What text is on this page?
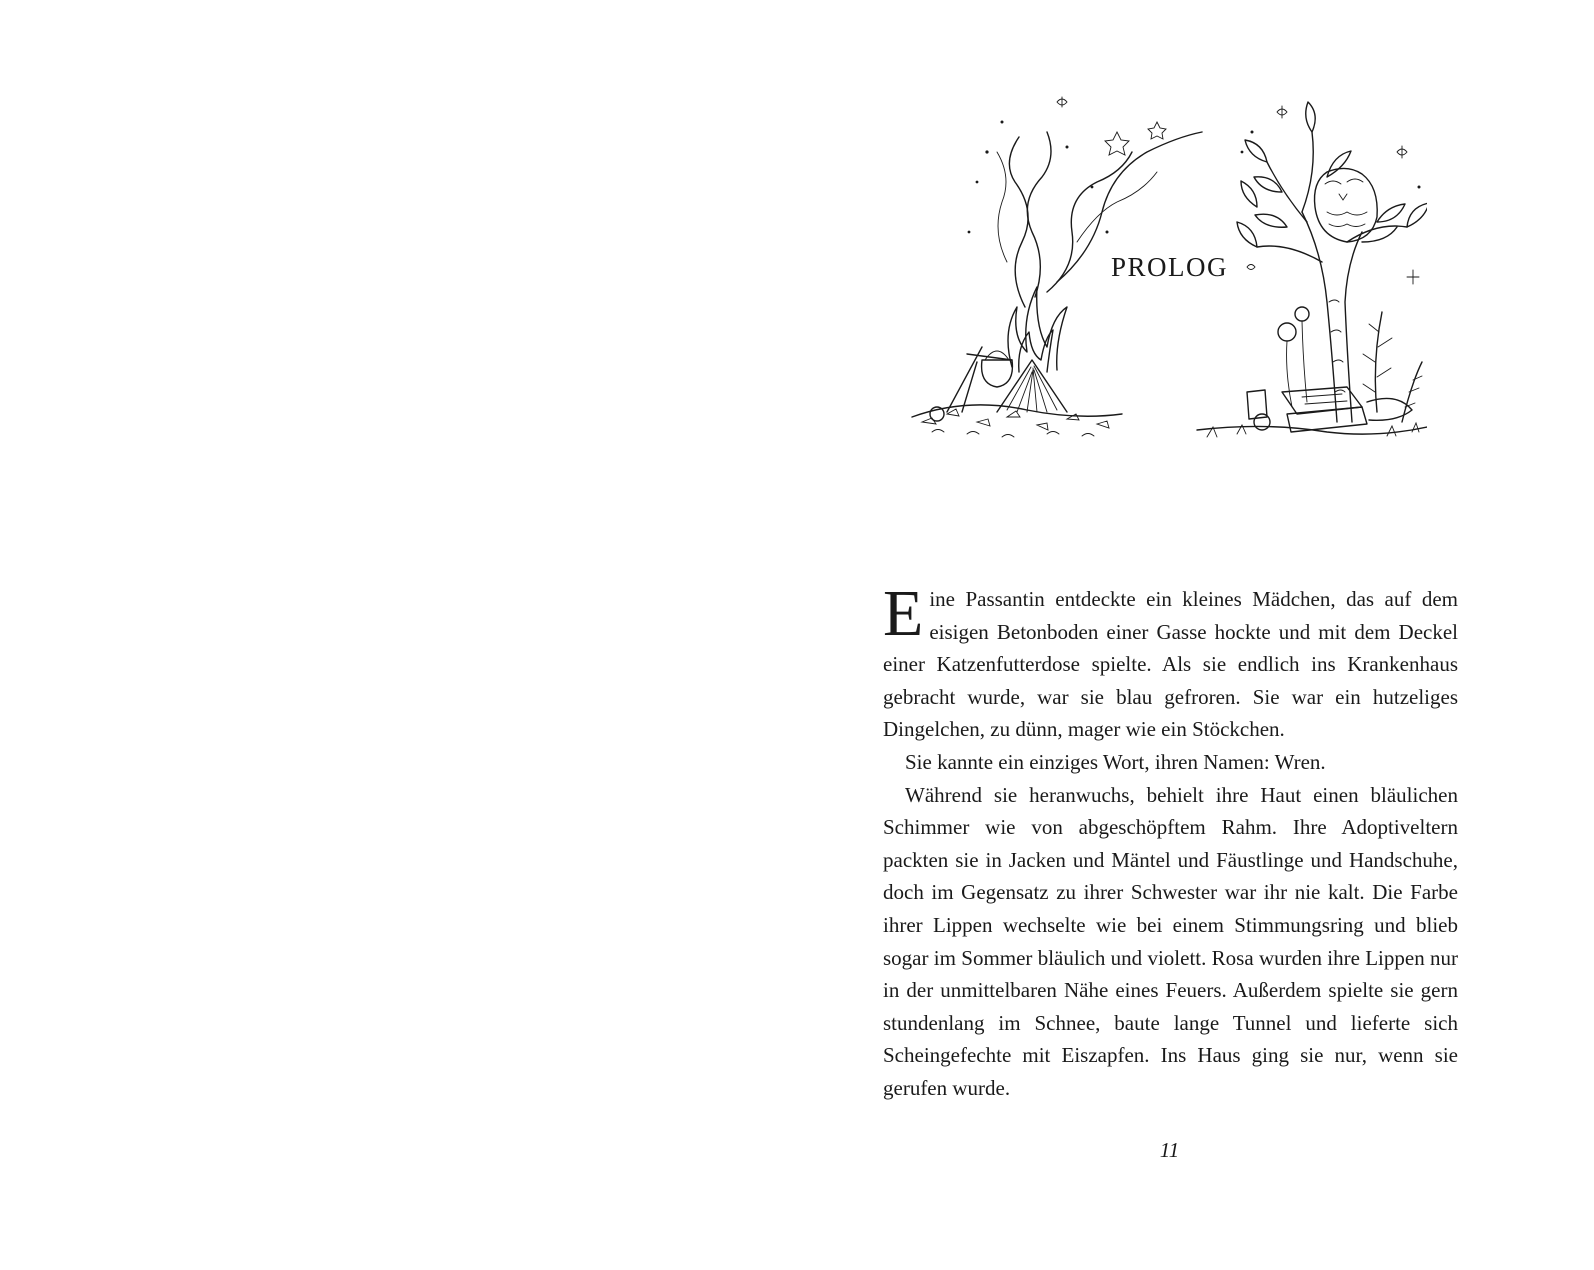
PROLOG

Eine Passantin entdeckte ein kleines Mädchen, das auf dem eisigen Betonboden einer Gasse hockte und mit dem Deckel einer Katzenfutterdose spielte. Als sie endlich ins Krankenhaus gebracht wurde, war sie blau gefroren. Sie war ein hutzeliges Dingelchen, zu dünn, mager wie ein Stöckchen.

Sie kannte ein einziges Wort, ihren Namen: Wren.

Während sie heranwuchs, behielt ihre Haut einen bläulichen Schimmer wie von abgeschöpftem Rahm. Ihre Adoptiveltern packten sie in Jacken und Mäntel und Fäustlinge und Handschuhe, doch im Gegensatz zu ihrer Schwester war ihr nie kalt. Die Farbe ihrer Lippen wechselte wie bei einem Stimmungsring und blieb sogar im Sommer bläulich und violett. Rosa wurden ihre Lippen nur in der unmittelbaren Nähe eines Feuers. Außerdem spielte sie gern stundenlang im Schnee, baute lange Tunnel und lieferte sich Scheingefechte mit Eiszapfen. Ins Haus ging sie nur, wenn sie gerufen wurde.

11
